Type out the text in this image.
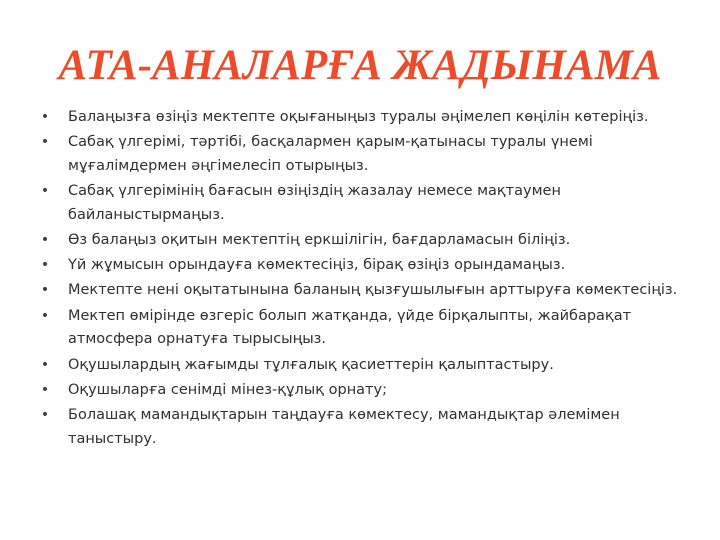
АТА-АНАЛАРҒА ЖАДЫНАМА
• Балаңызға өзіңіз мектепте оқығаныңыз туралы әңімелеп көңілін көтеріңіз.
• Сабақ үлгерімі, тәртібі, басқалармен қарым-қатынасы туралы үнемі мұғалімдермен әңгімелесіп отырыңыз.
• Сабақ үлгерімінің бағасын өзіңіздің жазалау немесе мақтаумен байланыстырмаңыз.
• Өз балаңыз оқитын мектептің еркшілігін, бағдарламасын біліңіз.
• Үй жұмысын орындауға көмектесіңіз, бірақ өзіңіз орындамаңыз.
• Мектепте нені оқытатынына баланың қызғушылығын арттыруға көмектесіңіз.
• Мектеп өмірінде өзгеріс болып жатқанда, үйде бірқалыпты, жайбарақат атмосфера орнатуға тырысыңыз.
• Оқушылардың жағымды тұлғалық қасиеттерін қалыптастыру.
• Оқушыларға сенімді мінез-құлық орнату;
• Болашақ мамандықтарын таңдауға көмектесу, мамандықтар әлемімен таныстыру.
